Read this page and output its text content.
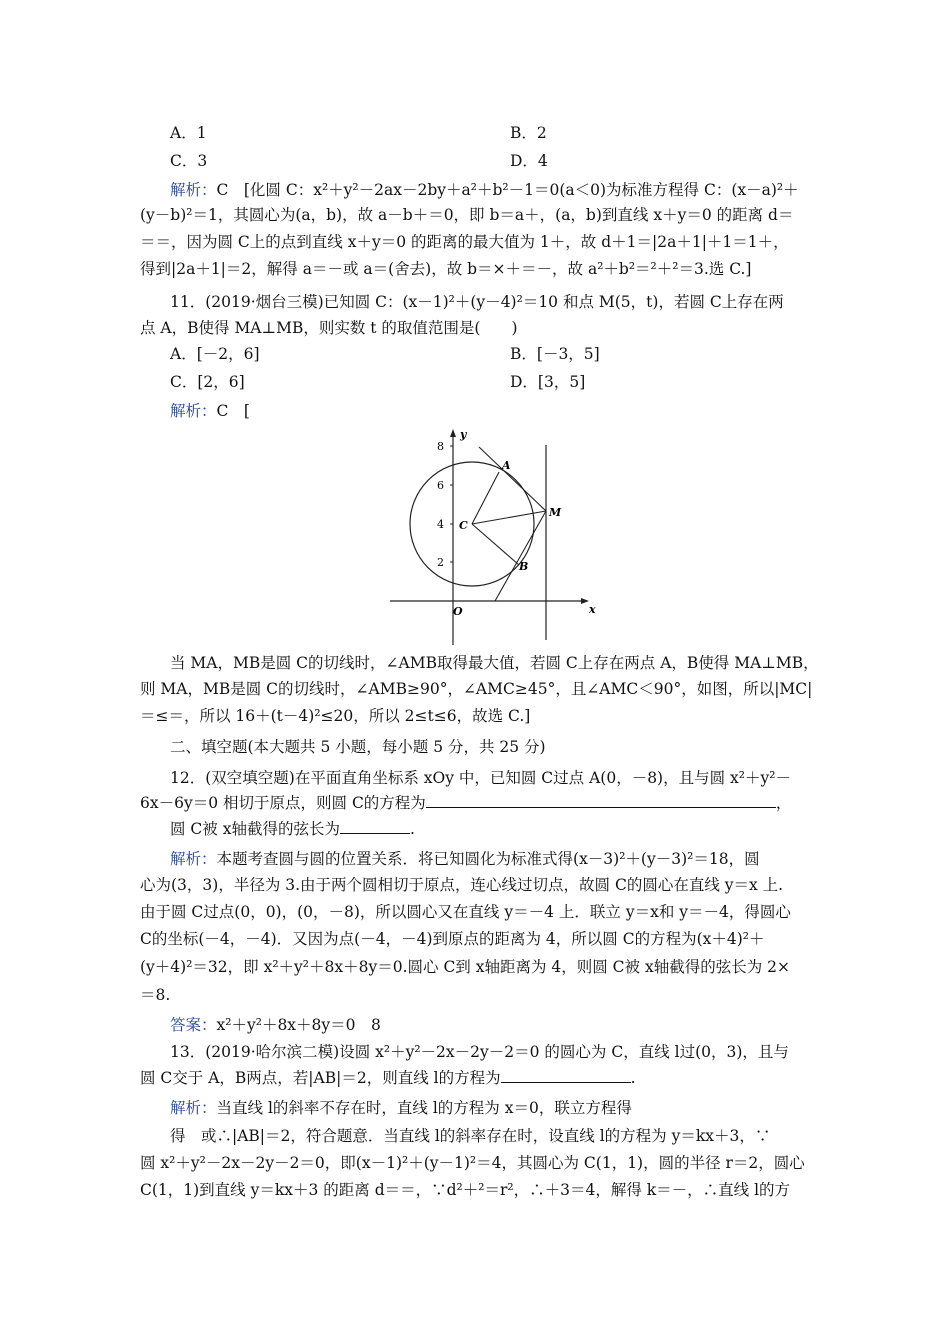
A．1	B．2
C．3	D．4
解析：C　[化圆 C：x²＋y²－2ax－2by＋a²＋b²－1＝0(a＜0)为标准方程得 C：(x－a)²＋
(y－b)²＝1，其圆心为(a，b)，故 a－b＋＝0，即 b＝a＋，(a，b)到直线 x＋y＝0 的距离 d＝
＝＝，因为圆 C上的点到直线 x＋y＝0 的距离的最大值为 1＋，故 d＋1＝|2a＋1|＋1＝1＋，
得到|2a＋1|＝2，解得 a＝－或 a＝(舍去)，故 b＝×＋＝－，故 a²＋b²＝²＋²＝3.选 C.]
11．(2019·烟台三模)已知圆 C：(x－1)²＋(y－4)²＝10 和点 M(5，t)，若圆 C上存在两
点 A，B使得 MA⊥MB，则实数 t 的取值范围是(　　)
A．[－2，6]	B．[－3，5]
C．[2，6]	D．[3，5]
解析：C　[
8
6
4
2
y
x
O
C
M
A
B
当 MA，MB是圆 C的切线时，∠AMB取得最大值，若圆 C上存在两点 A，B使得 MA⊥MB，
则 MA，MB是圆 C的切线时，∠AMB≥90°，∠AMC≥45°，且∠AMC＜90°，如图，所以|MC|
＝≤＝，所以 16＋(t－4)²≤20，所以 2≤t≤6，故选 C.]
二、填空题(本大题共 5 小题，每小题 5 分，共 25 分)
12．(双空填空题)在平面直角坐标系 xOy 中，已知圆 C过点 A(0，－8)，且与圆 x²＋y²－
6x－6y＝0 相切于原点，则圆 C的方程为	，
圆 C被 x轴截得的弦长为	.
解析：本题考查圆与圆的位置关系．将已知圆化为标准式得(x－3)²＋(y－3)²＝18，圆
心为(3，3)，半径为 3.由于两个圆相切于原点，连心线过切点，故圆 C的圆心在直线 y＝x 上.
由于圆 C过点(0，0)，(0，－8)，所以圆心又在直线 y＝－4 上．联立 y＝x和 y＝－4，得圆心
C的坐标(－4，－4)．又因为点(－4，－4)到原点的距离为 4，所以圆 C的方程为(x＋4)²＋
(y＋4)²＝32，即 x²＋y²＋8x＋8y＝0.圆心 C到 x轴距离为 4，则圆 C被 x轴截得的弦长为 2×
＝8.
答案：x²＋y²＋8x＋8y＝0　8
13．(2019·哈尔滨二模)设圆 x²＋y²－2x－2y－2＝0 的圆心为 C，直线 l过(0，3)，且与
圆 C交于 A，B两点，若|AB|＝2，则直线 l的方程为	.
解析：当直线 l的斜率不存在时，直线 l的方程为 x＝0，联立方程得
得　或∴|AB|＝2，符合题意．当直线 l的斜率存在时，设直线 l的方程为 y＝kx＋3，∵
圆 x²＋y²－2x－2y－2＝0，即(x－1)²＋(y－1)²＝4，其圆心为 C(1，1)，圆的半径 r＝2，圆心
C(1，1)到直线 y＝kx＋3 的距离 d＝＝，∵d²＋²＝r²，∴＋3＝4，解得 k＝－，∴直线 l的方
